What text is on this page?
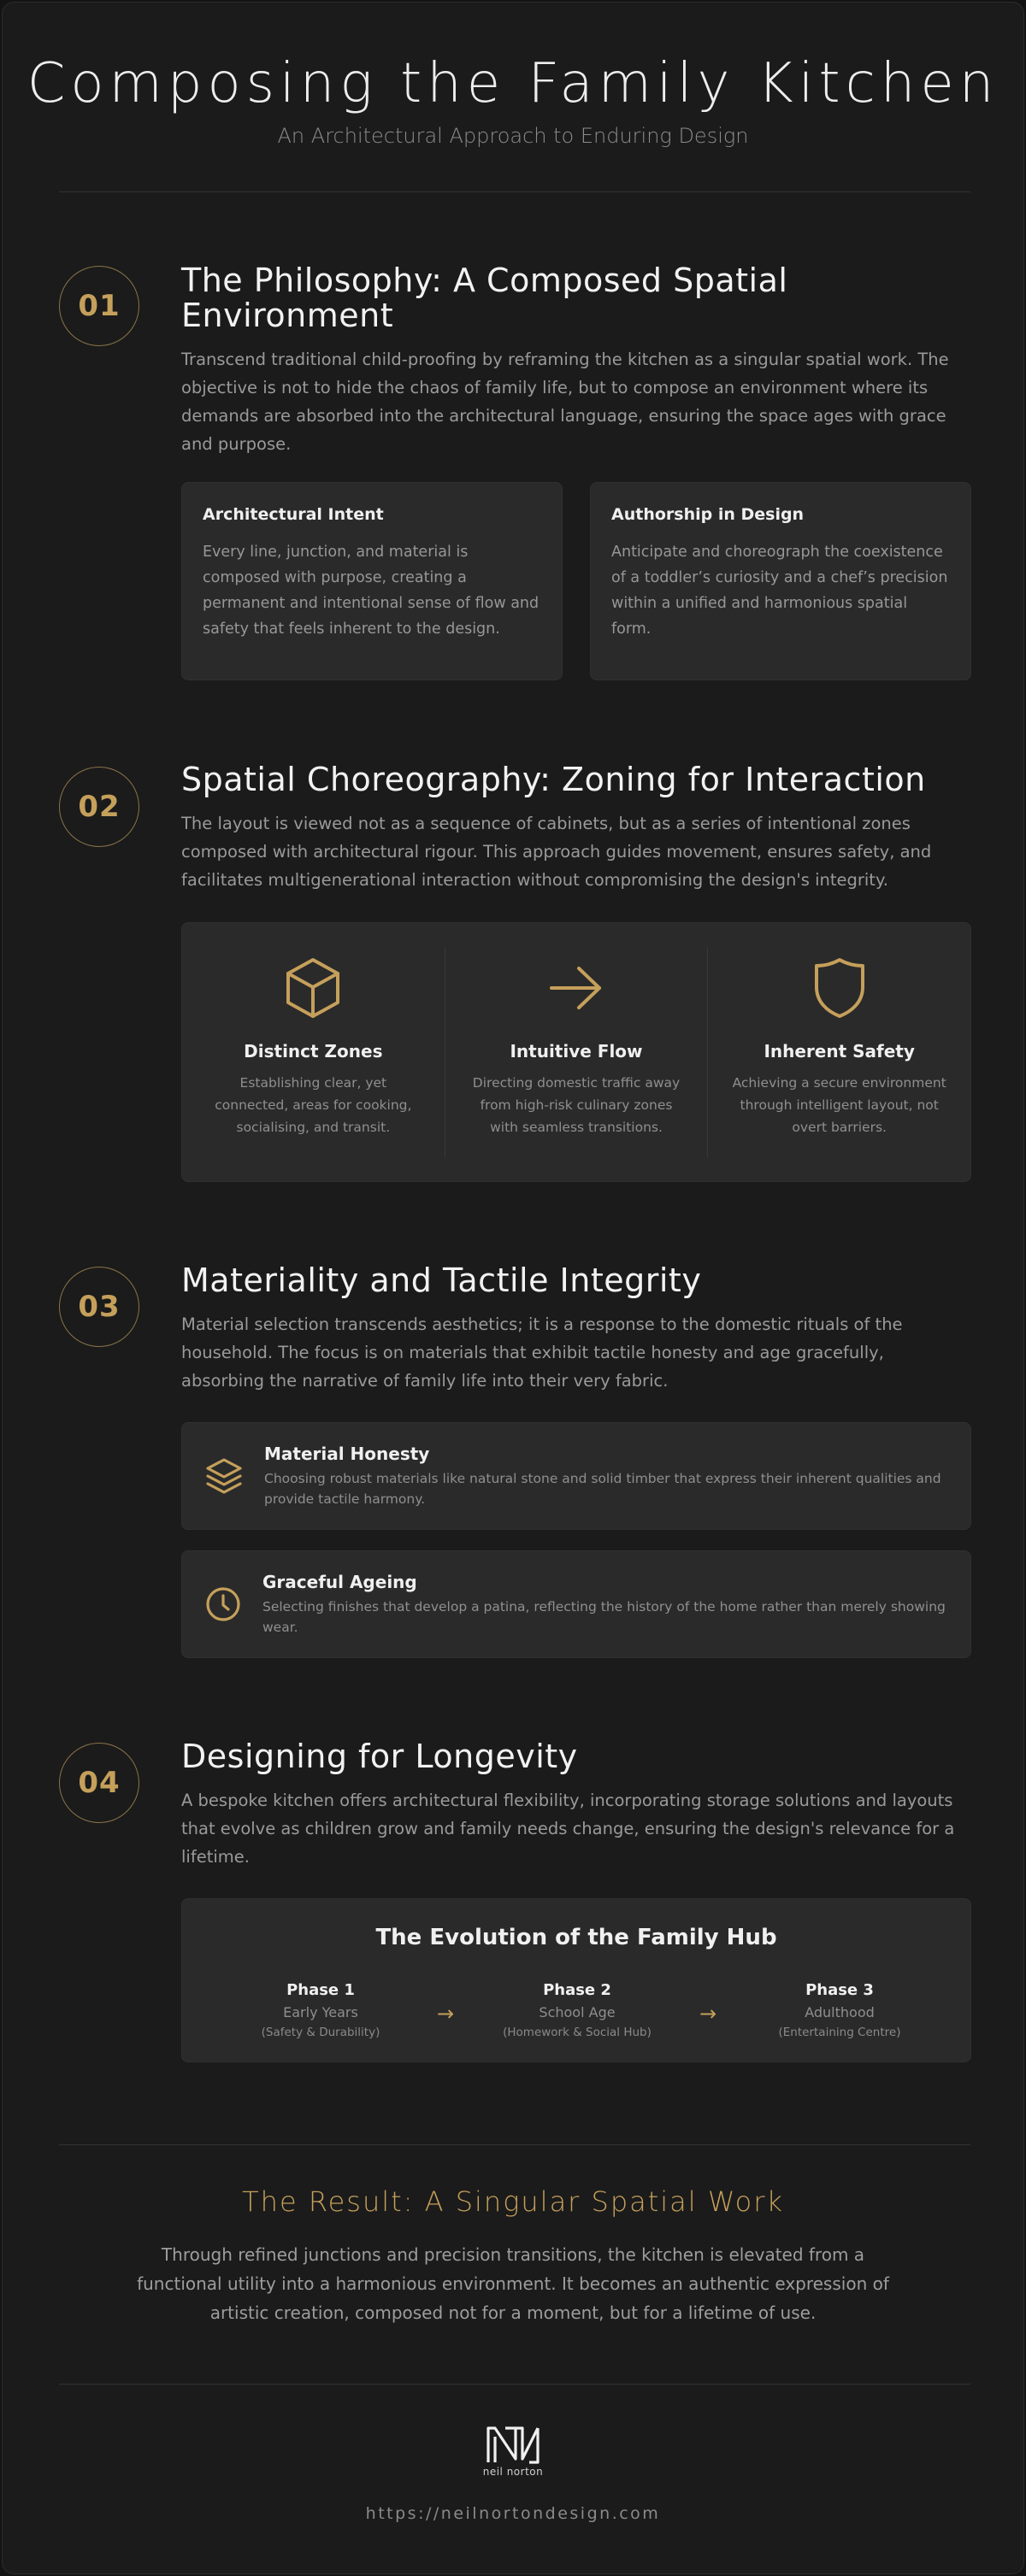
Composing the Family Kitchen

An Architectural Approach to Enduring Design

01
The Philosophy: A Composed Spatial Environment

Transcend traditional child-proofing by reframing the kitchen as a singular spatial work. The objective is not to hide the chaos of family life, but to compose an environment where its demands are absorbed into the architectural language, ensuring the space ages with grace and purpose.

Architectural Intent

Every line, junction, and material is composed with purpose, creating a permanent and intentional sense of flow and safety that feels inherent to the design.

Authorship in Design

Anticipate and choreograph the coexistence of a toddler’s curiosity and a chef’s precision within a unified and harmonious spatial form.

02
Spatial Choreography: Zoning for Interaction

The layout is viewed not as a sequence of cabinets, but as a series of intentional zones composed with architectural rigour. This approach guides movement, ensures safety, and facilitates multigenerational interaction without compromising the design's integrity.

Distinct Zones

Establishing clear, yet connected, areas for cooking, socialising, and transit.

Intuitive Flow

Directing domestic traffic away from high-risk culinary zones with seamless transitions.

Inherent Safety

Achieving a secure environment through intelligent layout, not overt barriers.

03
Materiality and Tactile Integrity

Material selection transcends aesthetics; it is a response to the domestic rituals of the household. The focus is on materials that exhibit tactile honesty and age gracefully, absorbing the narrative of family life into their very fabric.

Material Honesty

Choosing robust materials like natural stone and solid timber that express their inherent qualities and provide tactile harmony.

Graceful Ageing

Selecting finishes that develop a patina, reflecting the history of the home rather than merely showing wear.

04
Designing for Longevity

A bespoke kitchen offers architectural flexibility, incorporating storage solutions and layouts that evolve as children grow and family needs change, ensuring the design's relevance for a lifetime.

The Evolution of the Family Hub
Phase 1
Early Years
(Safety & Durability)
→
Phase 2
School Age
(Homework & Social Hub)
→
Phase 3
Adulthood
(Entertaining Centre)
The Result: A Singular Spatial Work

Through refined junctions and precision transitions, the kitchen is elevated from a functional utility into a harmonious environment. It becomes an authentic expression of artistic creation, composed not for a moment, but for a lifetime of use.

neil norton
https://neilnortondesign.com
